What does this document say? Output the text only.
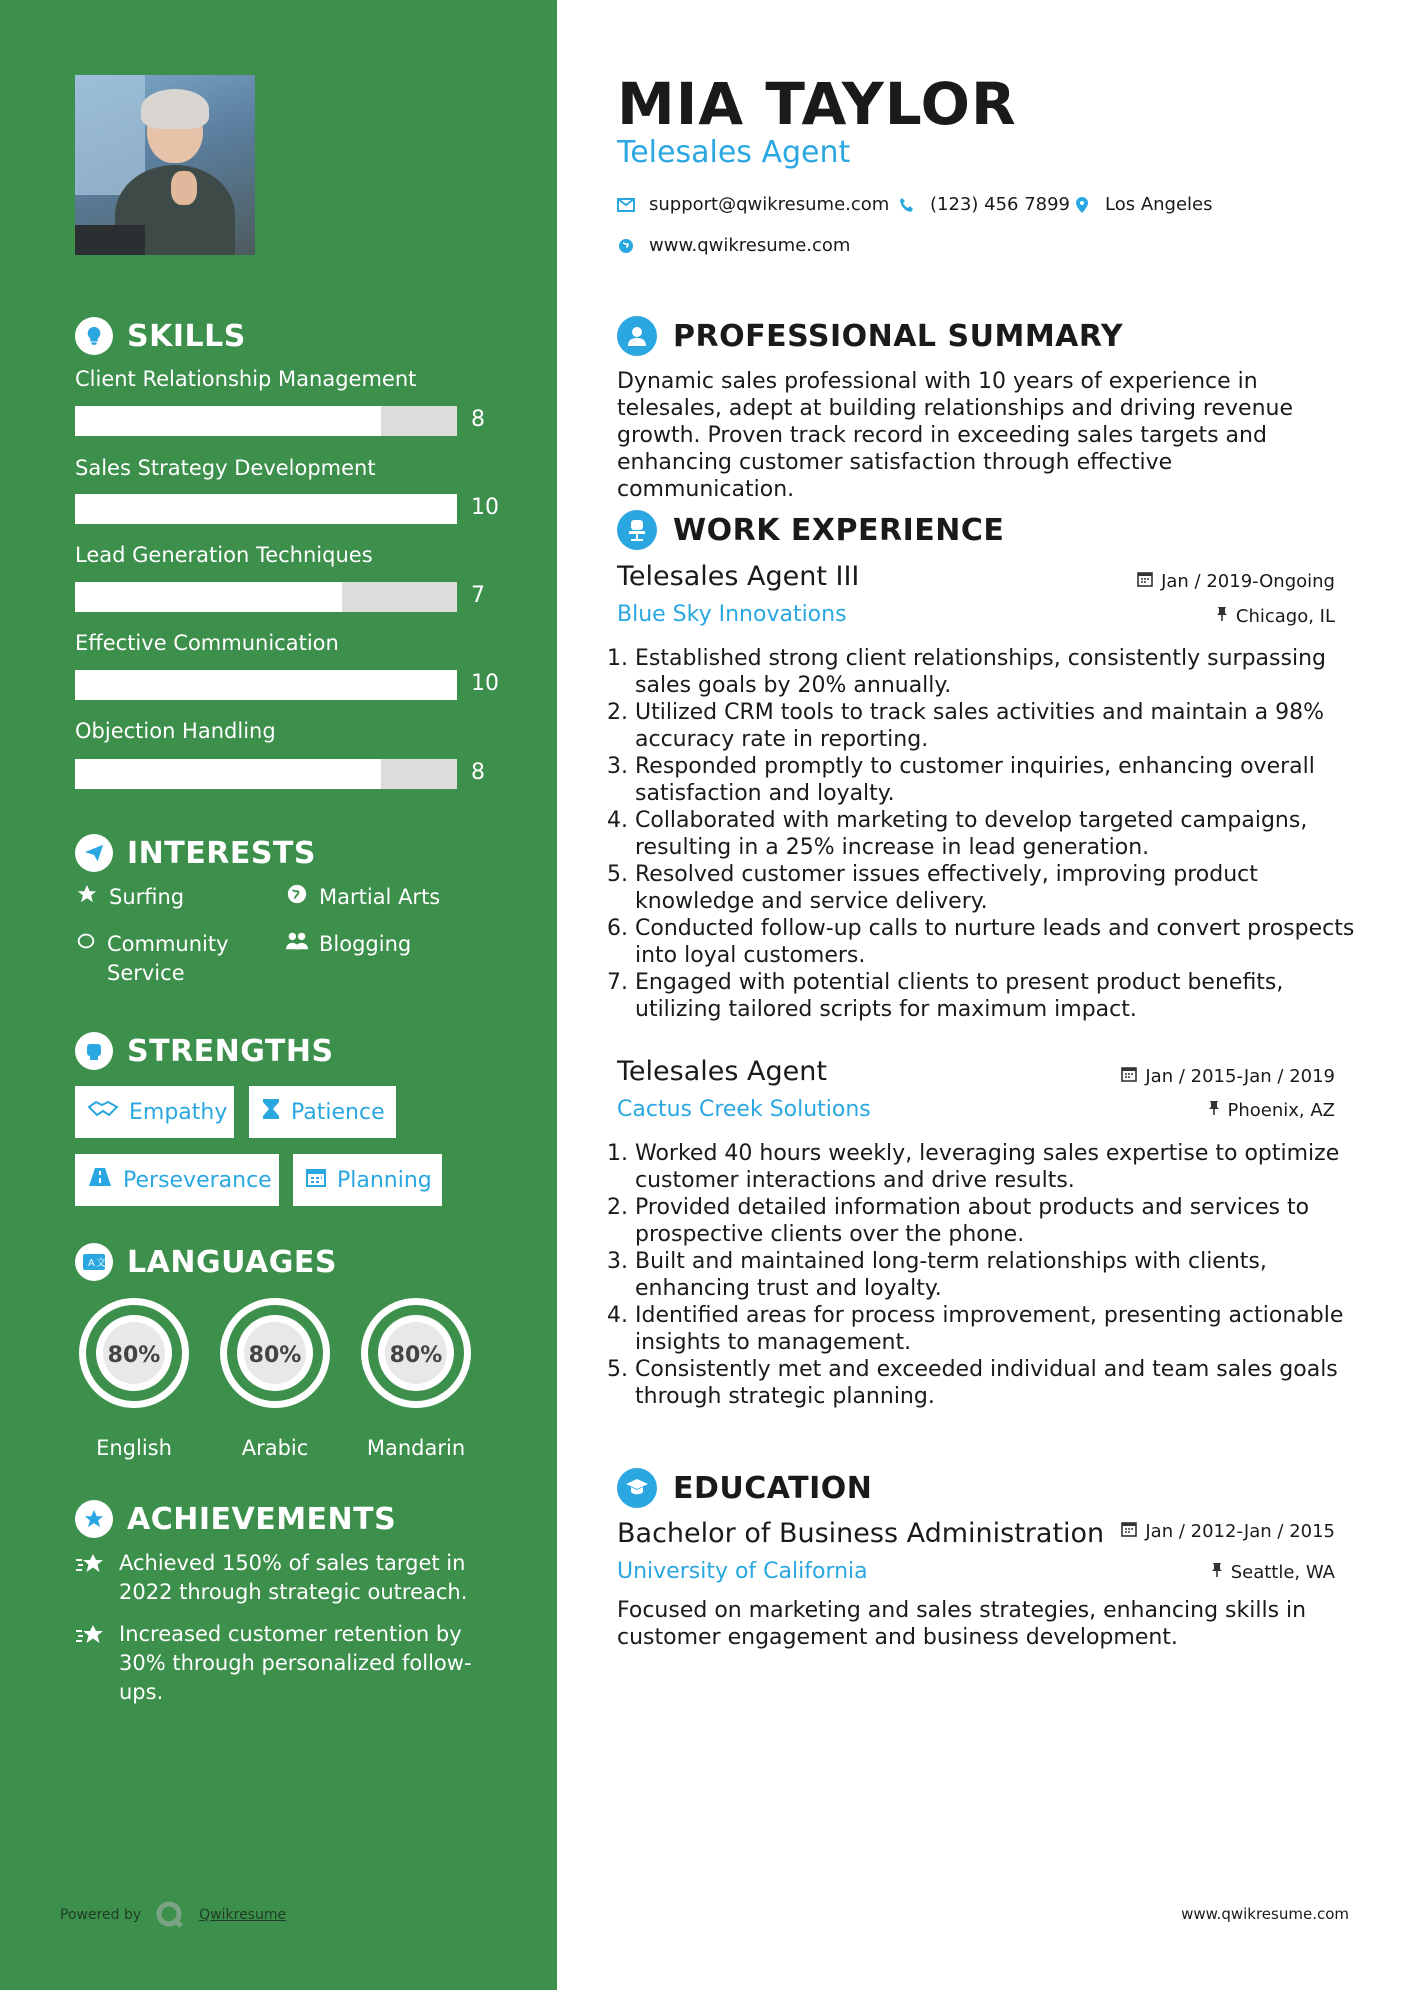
SKILLS
Client Relationship Management
8
Sales Strategy Development
10
Lead Generation Techniques
7
Effective Communication
10
Objection Handling
8
INTERESTS
Surfing	Martial Arts
Community Service
Blogging
STRENGTHS
Empathy	Patience
Perseverance	Planning
A 文 LANGUAGES
80%
English
80%
Arabic
80%
Mandarin
ACHIEVEMENTS
Achieved 150% of sales target in 2022 through strategic outreach.
Increased customer retention by 30% through personalized follow-ups.
Powered by	Qwikresume
MIA TAYLOR
Telesales Agent
support@qwikresume.com (123) 456 7899 Los Angeles
www.qwikresume.com
PROFESSIONAL SUMMARY
Dynamic sales professional with 10 years of experience in telesales, adept at building relationships and driving revenue growth. Proven track record in exceeding sales targets and enhancing customer satisfaction through effective communication.
WORK EXPERIENCE
Telesales Agent III	Jan / 2019-Ongoing
Blue Sky Innovations	Chicago, IL
1. Established strong client relationships, consistently surpassing sales goals by 20% annually.
2. Utilized CRM tools to track sales activities and maintain a 98% accuracy rate in reporting.
3. Responded promptly to customer inquiries, enhancing overall satisfaction and loyalty.
4. Collaborated with marketing to develop targeted campaigns, resulting in a 25% increase in lead generation.
5. Resolved customer issues effectively, improving product knowledge and service delivery.
6. Conducted follow-up calls to nurture leads and convert prospects into loyal customers.
7. Engaged with potential clients to present product benefits, utilizing tailored scripts for maximum impact.
Telesales Agent	Jan / 2015-Jan / 2019
Cactus Creek Solutions	Phoenix, AZ
1. Worked 40 hours weekly, leveraging sales expertise to optimize customer interactions and drive results.
2. Provided detailed information about products and services to prospective clients over the phone.
3. Built and maintained long-term relationships with clients, enhancing trust and loyalty.
4. Identified areas for process improvement, presenting actionable insights to management.
5. Consistently met and exceeded individual and team sales goals through strategic planning.
EDUCATION
Bachelor of Business Administration Jan / 2012-Jan / 2015
University of California	Seattle, WA
Focused on marketing and sales strategies, enhancing skills in customer engagement and business development.
www.qwikresume.com
